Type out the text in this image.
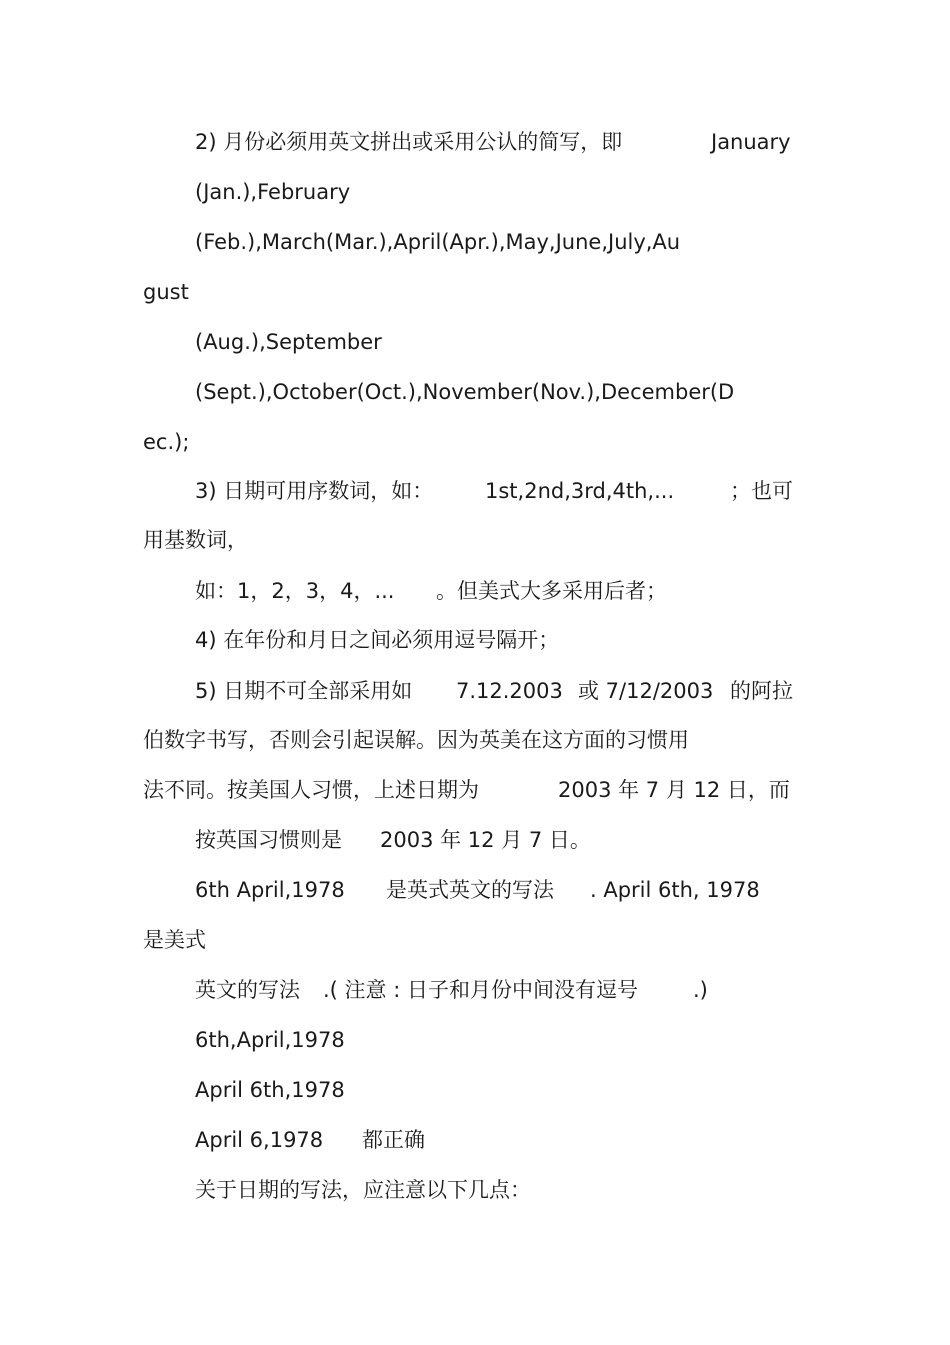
2) 月份必须用英文拼出或采用公认的简写，即	January
(Jan.),February
(Feb.),March(Mar.),April(Apr.),May,June,July,Au
gust
(Aug.),September
(Sept.),October(Oct.),November(Nov.),December(D
ec.);
3) 日期可用序数词，如： 1st,2nd,3rd,4th,...	；也可
用基数词，
如：1，2，3，4，... 。但美式大多采用后者；
4) 在年份和月日之间必须用逗号隔开；
5) 日期不可全部采用如 7.12.2003 或 7/12/2003 的阿拉
伯数字书写，否则会引起误解。因为英美在这方面的习惯用
法不同。按美国人习惯，上述日期为	2003 年 7 月 12 日，而
按英国习惯则是 2003 年 12 月 7 日。
6th April,1978 是英式英文的写法 . April 6th, 1978
是美式
英文的写法 .( 注意 : 日子和月份中间没有逗号	.)
6th,April,1978
April 6th,1978
April 6,1978 都正确
关于日期的写法，应注意以下几点：
